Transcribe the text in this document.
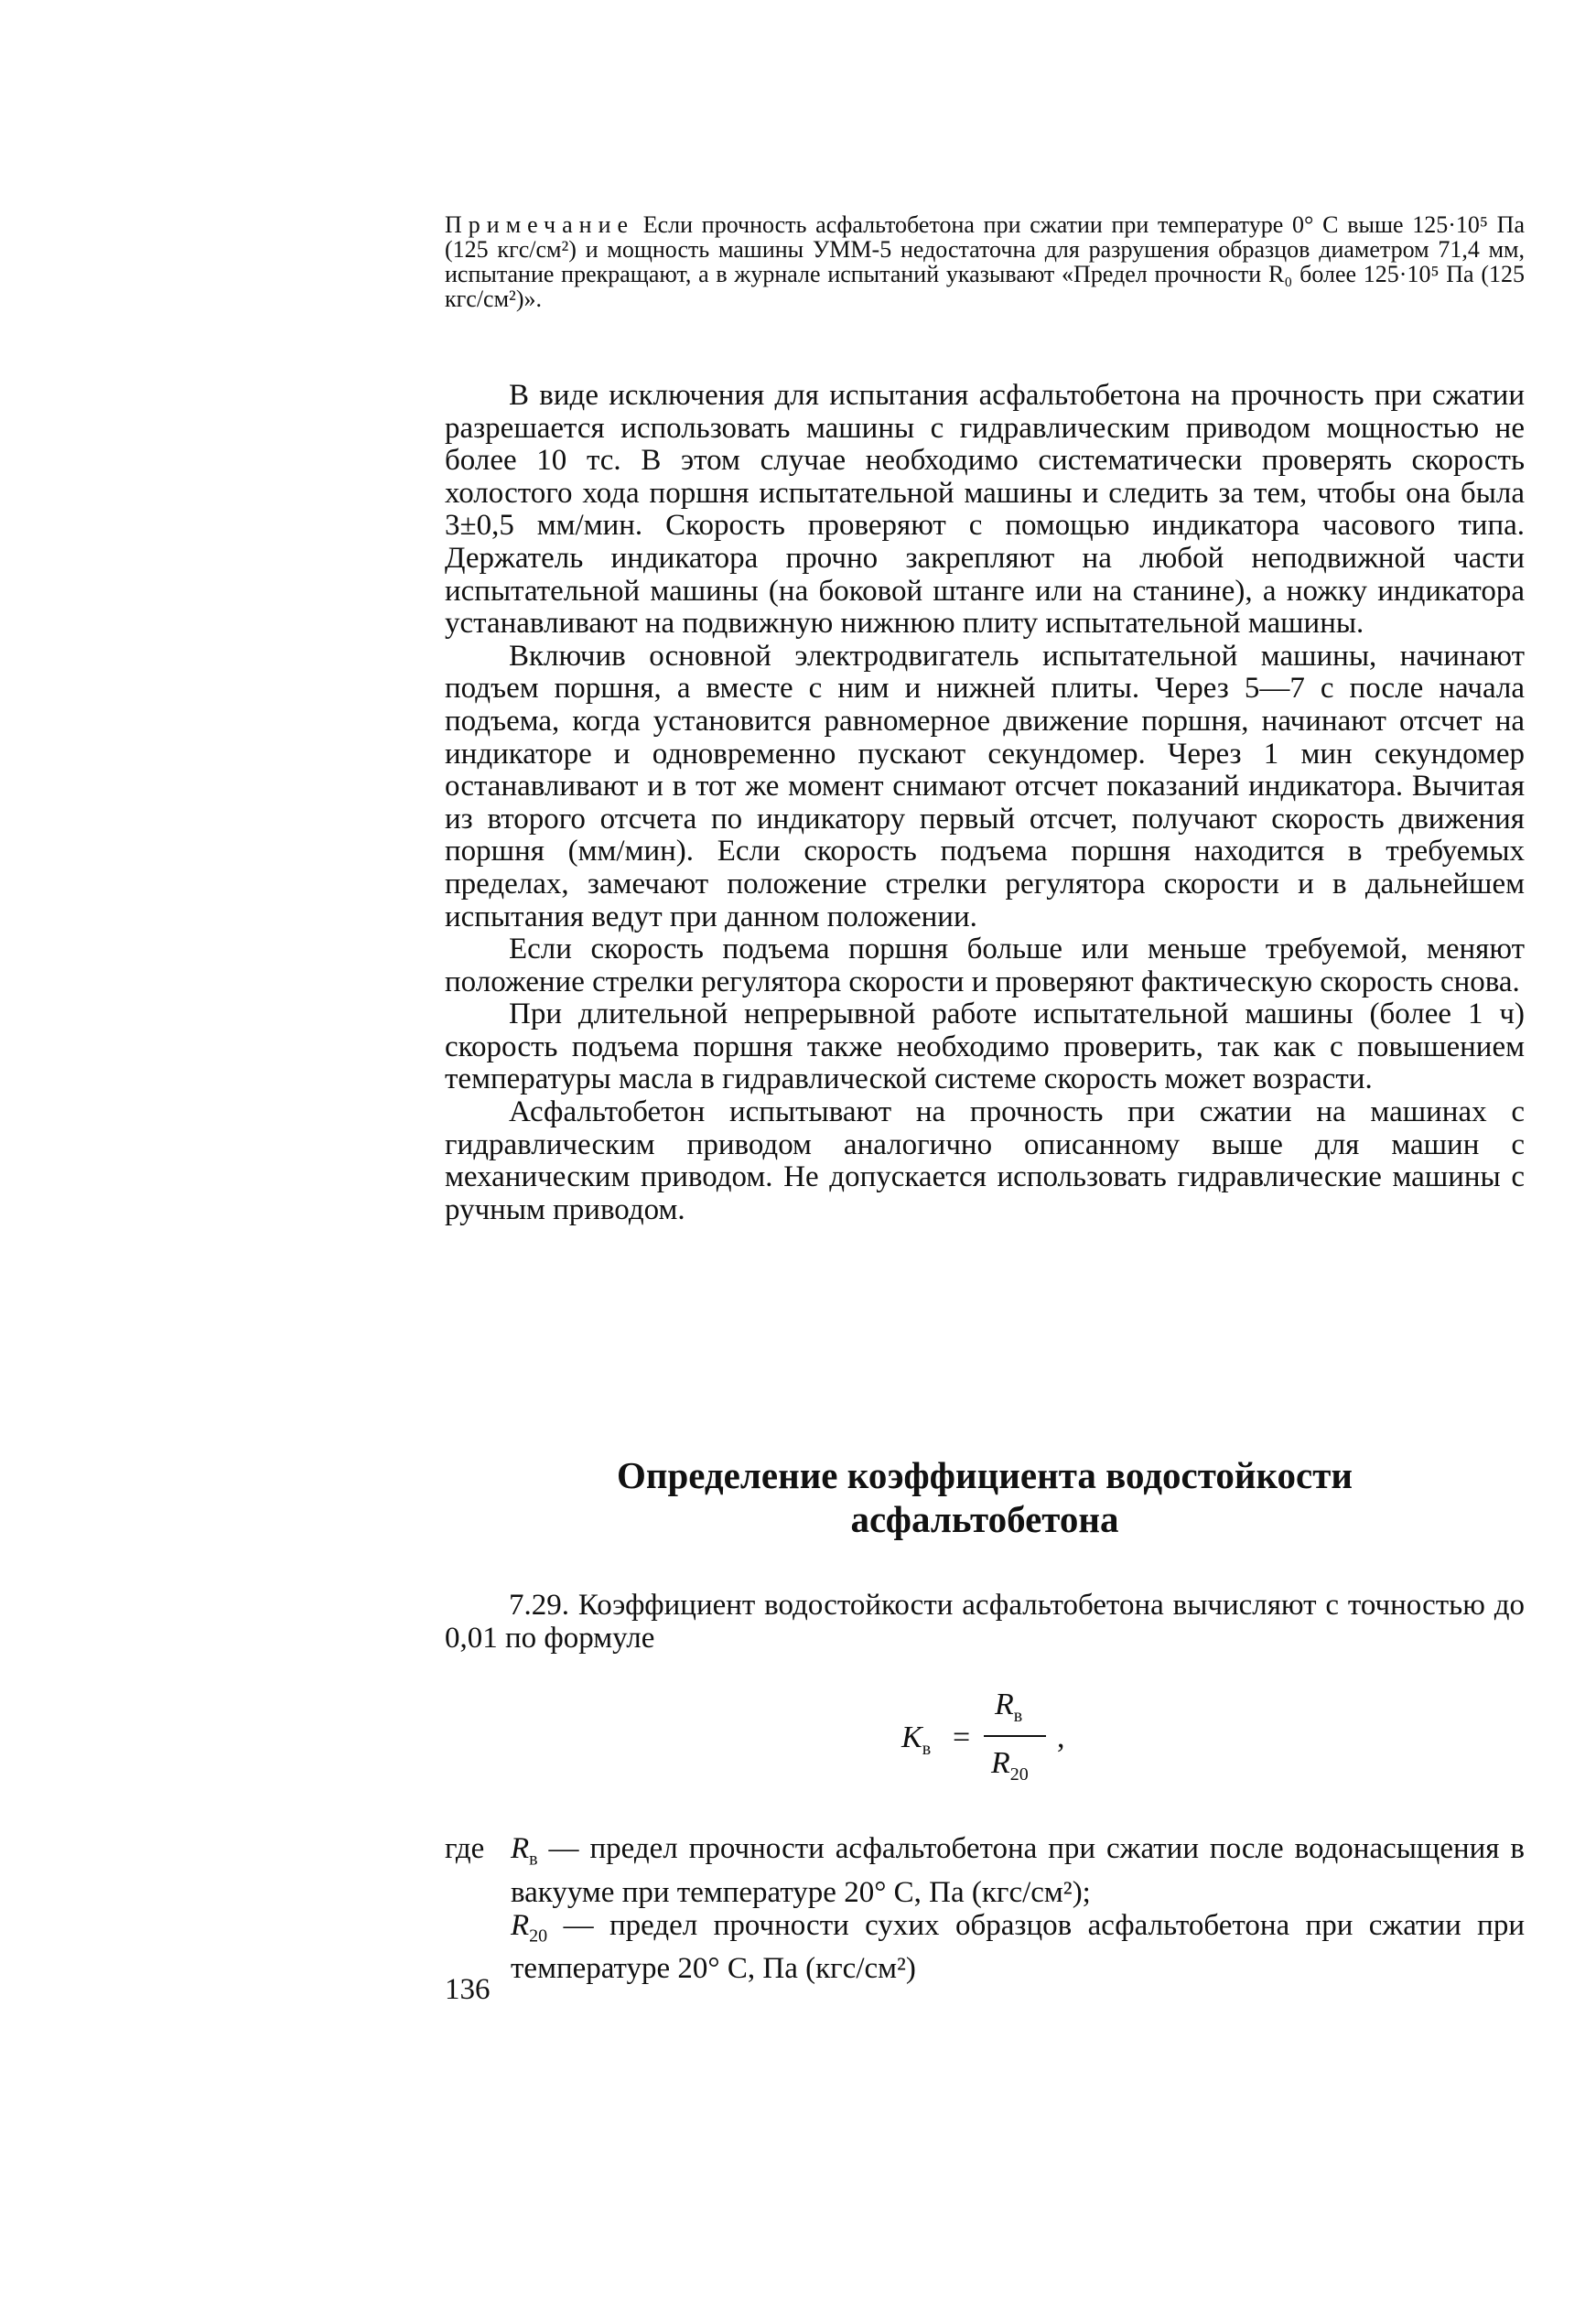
Примечание Если прочность асфальтобетона при сжатии при температуре 0° С выше 125·10⁵ Па (125 кгс/см²) и мощность машины УММ-5 недостаточна для разрушения образцов диаметром 71,4 мм, испытание прекращают, а в журнале испытаний указывают «Предел прочности R₀ более 125·10⁵ Па (125 кгс/см²)».

В виде исключения для испытания асфальтобетона на прочность при сжатии разрешается использовать машины с гидравлическим приводом мощностью не более 10 тс. В этом случае необходимо систематически проверять скорость холостого хода поршня испытательной машины и следить за тем, чтобы она была 3±0,5 мм/мин. Скорость проверяют с помощью индикатора часового типа. Держатель индикатора прочно закрепляют на любой неподвижной части испытательной машины (на боковой штанге или на станине), а ножку индикатора устанавливают на подвижную нижнюю плиту испытательной машины.

Включив основной электродвигатель испытательной машины, начинают подъем поршня, а вместе с ним и нижней плиты. Через 5—7 с после начала подъема, когда установится равномерное движение поршня, начинают отсчет на индикаторе и одновременно пускают секундомер. Через 1 мин секундомер останавливают и в тот же момент снимают отсчет показаний индикатора. Вычитая из второго отсчета по индикатору первый отсчет, получают скорость движения поршня (мм/мин). Если скорость подъема поршня находится в требуемых пределах, замечают положение стрелки регулятора скорости и в дальнейшем испытания ведут при данном положении.

Если скорость подъема поршня больше или меньше требуемой, меняют положение стрелки регулятора скорости и проверяют фактическую скорость снова.

При длительной непрерывной работе испытательной машины (более 1 ч) скорость подъема поршня также необходимо проверить, так как с повышением температуры масла в гидравлической системе скорость может возрасти.

Асфальтобетон испытывают на прочность при сжатии на машинах с гидравлическим приводом аналогично описанному выше для машин с механическим приводом. Не допускается использовать гидравлические машины с ручным приводом.

Определение коэффициента водостойкости
асфальтобетона

7.29. Коэффициент водостойкости асфальтобетона вычисляют с точностью до 0,01 по формуле

$K_в$ =
$R_в$
$R_{20}$
,
где $R_в$ — предел прочности асфальтобетона при сжатии после водонасыщения в вакууме при температуре 20° С, Па (кгс/см²);
$R_{20}$ — предел прочности сухих образцов асфальтобетона при сжатии при температуре 20° С, Па (кгс/см²)
136
